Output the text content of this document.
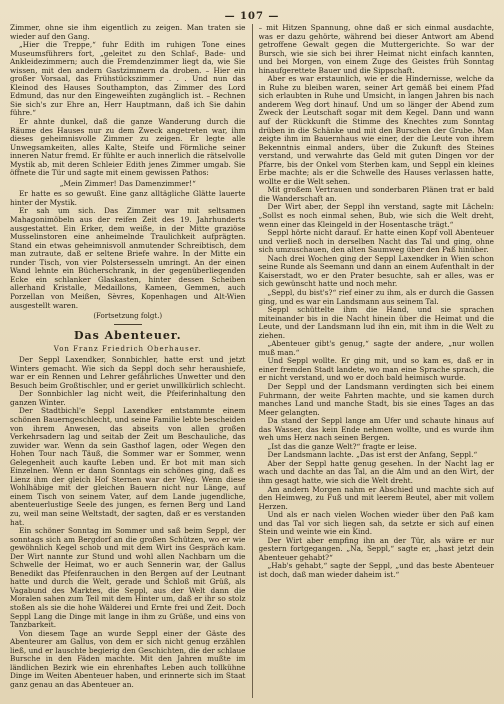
— 107 —

Zimmer, ohne sie ihm eigentlich zu zeigen. Man traten sie wieder auf den Gang.

„Hier die Treppe,“ fuhr Edith im ruhigen Tone eines Museumsführers fort, „geleitet zu den Schlaf-, Bade- und Ankleidezimmern; auch die Fremdenzimmer liegt da, wie Sie wissen, mit den andern Gastzimmern da droben. – Hier ein großer Vorsaal, das Frühstückszimmer . . . Und nun das Kleinod des Hauses Southampton, das Zimmer des Lord Edmund, das nur den Eingeweihten zugänglich ist. – Rechnen Sie sich's zur Ehre an, Herr Hauptmann, daß ich Sie dahin führe.“

Er ahnte dunkel, daß die ganze Wanderung durch die Räume des Hauses nur zu dem Zweck angetreten war, ihm dieses geheimnisvolle Zimmer zu zeigen. Er legte alle Unwegsamkeiten, alles Kalte, Steife und Förmliche seiner inneren Natur fremd. Er fühlte er auch innerlich die rätselvolle Mystik ab, mit deren Schleier Edith jenes Zimmer umgab. Sie öffnete die Tür und sagte mit einem gewissen Pathos:

„Mein Zimmer! Das Damenzimmer!“

Er hatte es so gewußt. Eine ganz alltägliche Glätte lauerte hinter der Mystik.

Er sah um sich. Das Zimmer war mit seltsamen Mahagonimöbeln aus der reifen Zeit des 19. Jahrhunderts ausgestattet. Ein Erker, dem weiße, in der Mitte graziöse Musselinstoren eine anheimelnde Traulichkeit aufprägten. Stand ein etwas geheimnisvoll anmutender Schreibtisch, dem man zutraute, daß er seltene Briefe wahre. In der Mitte ein runder Tisch, von vier Polstersesseln umringt. An der einen Wand lehnte ein Bücherschrank, in der gegenüberliegenden Ecke ein schlanker Glaskasten, hinter dessen Scheiben allerhand Kristalle, Medaillons, Kameen, Gemmen, auch Porzellan von Meißen, Sèvres, Kopenhagen und Alt-Wien ausgestellt waren.

(Fortsetzung folgt.)

Das Abenteuer.
Von Franz Friedrich Oberhauser.

Der Seppl Laxendker, Sonnbichler, hatte erst und jetzt Winters gemacht. Wie sich da Seppl doch sehr heraushiefe, war er ein Rennen und Lehrer gefährliches Unwetter und den Besuch beim Großtischler, und er geriet unwillkürlich schlecht.

Der Sonnbichler lag nicht weit, die Pfeiferinhaltung den ganzen Winter.

Der Stadtbichl'e Seppl Laxendker entstammte einem schönen Bauerngeschlecht, und seine Familie lebte bescheiden von ihrem Anwesen, das abseits von allen großen Verkehrsadern lag und seitab der Zeit um Beschauliche, das zuwider war. Wenn da sein Gasthof lagen, oder Wegen den Hohen Tour nach Täuß, die Sommer war er Sommer, wenn Gelegenheit auch kaufte Leben und. Er bot mit man sich Einzelnen. Wenn er dann Sonntags ein schönes ging, daß es Lienz ihm der gleich Hof Sternen war der Weg. Wenn diese Wohlhäbige mit der gleichen Bauern nicht nur Länge, auf einem Tisch von seinem Vater, auf dem Lande jugendliche, abenteuerlustige Seele des jungen, es fernen Berg und Land zu, weil man seine Weltstadt, der sagten, daß er es verstanden hat.

Ein schöner Sonntag im Sommer und saß beim Seppl, der sonntags sich am Bergdorf an die großen Schützen, wo er wie gewöhnlich Kegel schob und mit dem Wirt ins Gespräch kam. Der Wirt nannte zur Stund und wohl allen Nachbarn um die Schwelle der Heimat, wo er auch Sennerin war, der Gallus Benedikt das Pfeifenrauchen in den Bergen auf der Leutnant hatte und durch die Welt, gerade und Schloß mit Grüß, als Vagabund des Marktes, die Seppl, aus der Welt dann die Moralen sahen zum Teil mit dem Hinter um, daß er ihr so stolz stoßen als sie die hohe Wälderei und Ernte frei und Zeit. Doch Seppl Lang die Dinge mit lange in ihm zu Grüße, und eins von Tanzbarkeit.

Von diesem Tage an wurde Seppl einer der Gäste des Abenteurer am Gallus, von dem er sich nicht genug erzählen ließ, und er lauschte begierig den Geschichten, die der schlaue Bursche in den Fäden machte. Mit den Jahren mußte im ländlichen Bezirk wie ein ehrenhaftes Leben auch tollkühne Dinge im Weiten Abenteuer haben, und erinnerte sich im Staat ganz genau an das Abenteuer an.

– mit Hitzen Spannung, ohne daß er sich einmal ausdachte, was er dazu gehörte, während bei dieser Antwort am Abend getroffene Gewalt gegen die Muttergerichte. So war der Bursch, wie sie sich bei ihrer Heimat nicht einfach kannten, und bei Morgen, von einem Zuge des Geistes früh Sonntag hinaufgerettete Bauer und die Sippschaft.

Aber es war erstaunlich, wie er die Hindernisse, welche da in Ruhe zu bleiben waren, seiner Art gemäß bei einem Pfad sich erlaubten in Ruhe und Umsicht, in langen Jahren bis nach anderem Weg dort hinauf. Und um so länger der Abend zum Zweck der Leutschaft sogar mit dem Kegel. Dann und wann auf der Rückkunft die Stimme des Knechtes zum Sonntag drüben in die Schänke und mit den Burschen der Grube. Man zeigte ihm im Bauernhaus wie einer, der die Leute von ihrem Bekenntnis einmal anders, über die Zukunft des Steines verstand, und verwahrte das Geld mit guten Dingen vor der Pfarre, bis der Onkel vom Sterben kam, und Seppl ein kleines Erbe machte; als er die Schwelle des Hauses verlassen hatte, wollte er die Welt sehen.

Mit großem Vertrauen und sonderbaren Plänen trat er bald die Wanderschaft an.

Der Wirt aber, der Seppl ihn verstand, sagte mit Lächeln: „Sollst es noch einmal sehen, Bub, wie sich die Welt dreht, wenn einer das Kleingeld in der Hosentasche trägt.“

Seppl hörte nicht darauf. Er hatte einen Kopf voll Abenteuer und verließ noch in derselben Nacht das Tal und ging, ohne sich umzuschauen, den alten Saumweg über den Paß hinüber.

Nach drei Wochen ging der Seppl Laxendker in Wien schon seine Runde als Seemann und dann an einem Aufenthalt in der Kaiserstadt, wo er den Prater besuchte, sah er alles, was er sich gewünscht hatte und noch mehr.

„Seppl, du bist's?“ rief einer zu ihm, als er durch die Gassen ging, und es war ein Landsmann aus seinem Tal.

Seppl schüttelte ihm die Hand, und sie sprachen miteinander bis in die Nacht hinein über die Heimat und die Leute, und der Landsmann lud ihn ein, mit ihm in die Welt zu ziehen.

„Abenteuer gibt's genug,“ sagte der andere, „nur wollen muß man.“

Und Seppl wollte. Er ging mit, und so kam es, daß er in einer fremden Stadt landete, wo man eine Sprache sprach, die er nicht verstand, und wo er doch bald heimisch wurde.

Der Seppl und der Landsmann verdingten sich bei einem Fuhrmann, der weite Fahrten machte, und sie kamen durch manches Land und manche Stadt, bis sie eines Tages an das Meer gelangten.

Da stand der Seppl lange am Ufer und schaute hinaus auf das Wasser, das kein Ende nehmen wollte, und es wurde ihm weh ums Herz nach seinen Bergen.

„Ist das die ganze Welt?“ fragte er leise.

Der Landsmann lachte. „Das ist erst der Anfang, Seppl.“

Aber der Seppl hatte genug gesehen. In der Nacht lag er wach und dachte an das Tal, an die Alm und an den Wirt, der ihm gesagt hatte, wie sich die Welt dreht.

Am andern Morgen nahm er Abschied und machte sich auf den Heimweg, zu Fuß und mit leerem Beutel, aber mit vollem Herzen.

Und als er nach vielen Wochen wieder über den Paß kam und das Tal vor sich liegen sah, da setzte er sich auf einen Stein und weinte wie ein Kind.

Der Wirt aber empfing ihn an der Tür, als wäre er nur gestern fortgegangen. „Na, Seppl,“ sagte er, „hast jetzt dein Abenteuer gehabt?“

„Hab's gehabt,“ sagte der Seppl, „und das beste Abenteuer ist doch, daß man wieder daheim ist.“
